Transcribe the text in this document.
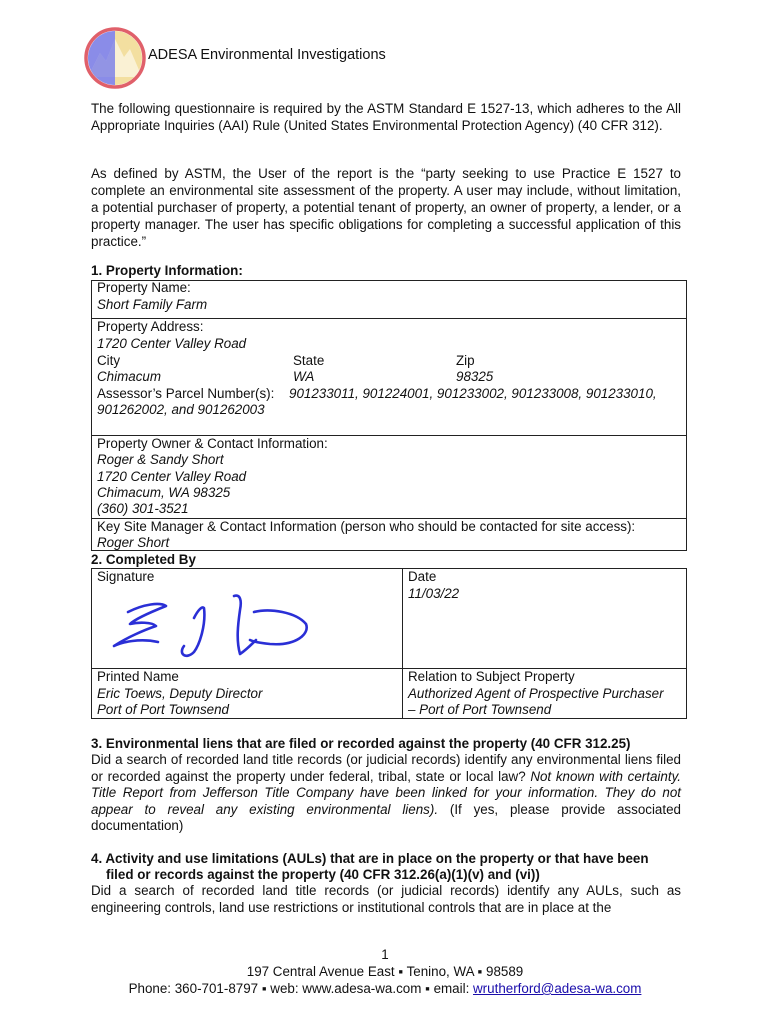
ADESA Environmental Investigations

The following questionnaire is required by the ASTM Standard E 1527-13, which adheres to the All Appropriate Inquiries (AAI) Rule (United States Environmental Protection Agency) (40 CFR 312).

As defined by ASTM, the User of the report is the “party seeking to use Practice E 1527 to complete an environmental site assessment of the property. A user may include, without limitation, a potential purchaser of property, a potential tenant of property, an owner of property, a lender, or a property manager. The user has specific obligations for completing a successful application of this practice.”

1. Property Information:
Property Name:
Short Family Farm
Property Address:
1720 Center Valley Road
City
Chimacum
State
WA
Zip
98325
Assessor’s Parcel Number(s): 901233011, 901224001, 901233002, 901233008, 901233010,
901262002, and 901262003
Property Owner & Contact Information:
Roger & Sandy Short
1720 Center Valley Road
Chimacum, WA 98325
(360) 301-3521
Key Site Manager & Contact Information (person who should be contacted for site access):
Roger Short
2. Completed By
Signature	Date
11/03/22
Printed Name
Eric Toews, Deputy Director
Port of Port Townsend
Relation to Subject Property
Authorized Agent of Prospective Purchaser
– Port of Port Townsend
3. Environmental liens that are filed or recorded against the property (40 CFR 312.25)

Did a search of recorded land title records (or judicial records) identify any environmental liens filed or recorded against the property under federal, tribal, state or local law? Not known with certainty. Title Report from Jefferson Title Company have been linked for your information. They do not appear to reveal any existing environmental liens). (If yes, please provide associated documentation)

4. Activity and use limitations (AULs) that are in place on the property or that have been
filed or records against the property (40 CFR 312.26(a)(1)(v) and (vi))

Did a search of recorded land title records (or judicial records) identify any AULs, such as engineering controls, land use restrictions or institutional controls that are in place at the

1
197 Central Avenue East ▪ Tenino, WA ▪ 98589
Phone: 360-701-8797 ▪ web: www.adesa-wa.com ▪ email: wrutherford@adesa-wa.com
